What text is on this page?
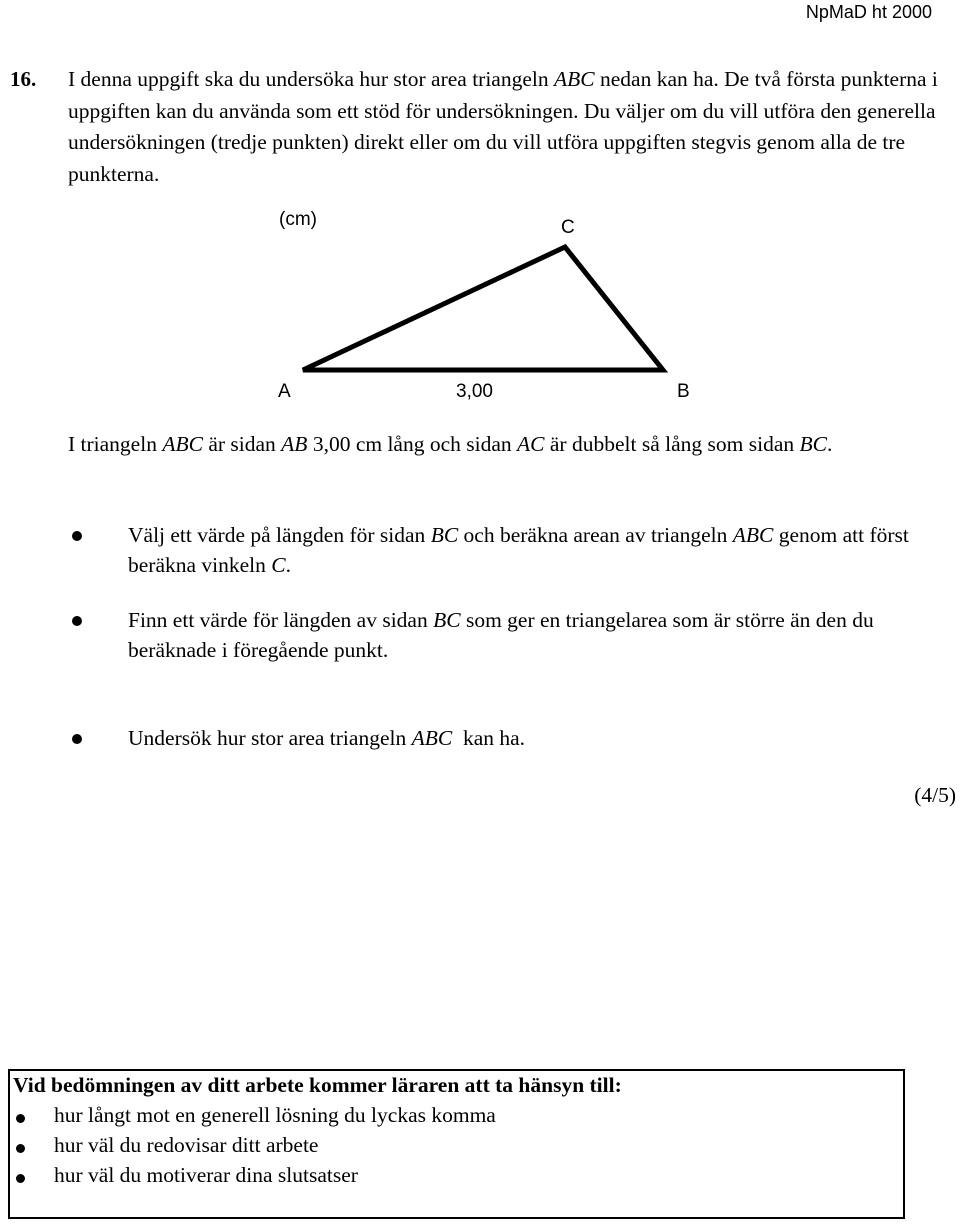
NpMaD ht 2000
16. I denna uppgift ska du undersöka hur stor area triangeln ABC nedan kan ha. De två första punkterna i uppgiften kan du använda som ett stöd för undersökningen. Du väljer om du vill utföra den generella undersökningen (tredje punkten) direkt eller om du vill utföra uppgiften stegvis genom alla de tre punkterna.
(cm)	C
A	3,00	B
I triangeln ABC är sidan AB 3,00 cm lång och sidan AC är dubbelt så lång som sidan BC.
Välj ett värde på längden för sidan BC och beräkna arean av triangeln ABC genom att först beräkna vinkeln C.
Finn ett värde för längden av sidan BC som ger en triangelarea som är större än den du beräknade i föregående punkt.
Undersök hur stor area triangeln ABC  kan ha.
(4/5)
Vid bedömningen av ditt arbete kommer läraren att ta hänsyn till:
hur långt mot en generell lösning du lyckas komma
hur väl du redovisar ditt arbete
hur väl du motiverar dina slutsatser
